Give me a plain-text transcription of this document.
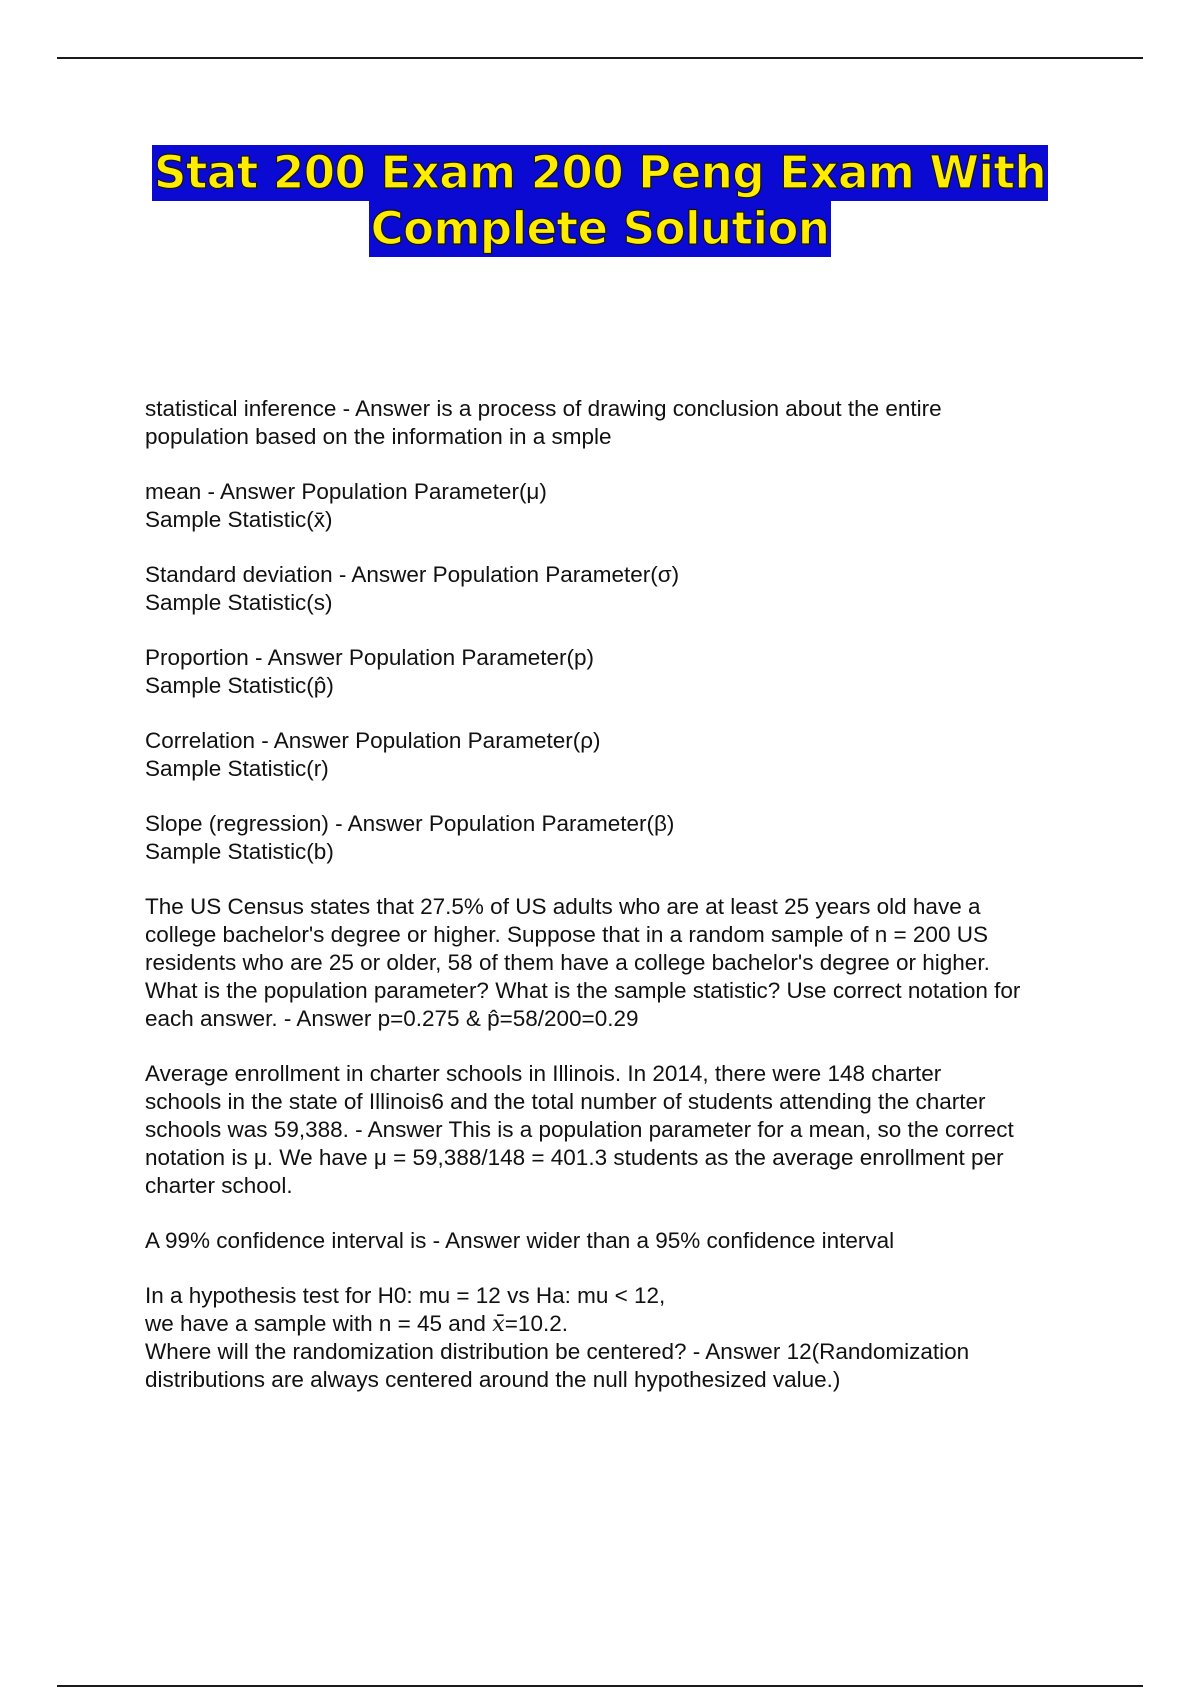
Stat 200 Exam 200 Peng Exam With
Complete Solution
statistical inference - Answer is a process of drawing conclusion about the entire
population based on the information in a smple
mean - Answer Population Parameter(μ)
Sample Statistic(x̄)
Standard deviation - Answer Population Parameter(σ)
Sample Statistic(s)
Proportion - Answer Population Parameter(p)
Sample Statistic(p̂)
Correlation - Answer Population Parameter(ρ)
Sample Statistic(r)
Slope (regression) - Answer Population Parameter(β)
Sample Statistic(b)
The US Census states that 27.5% of US adults who are at least 25 years old have a
college bachelor's degree or higher. Suppose that in a random sample of n = 200 US
residents who are 25 or older, 58 of them have a college bachelor's degree or higher.
What is the population parameter? What is the sample statistic? Use correct notation for
each answer. - Answer p=0.275 & p̂=58/200=0.29
Average enrollment in charter schools in Illinois. In 2014, there were 148 charter
schools in the state of Illinois6 and the total number of students attending the charter
schools was 59,388. - Answer This is a population parameter for a mean, so the correct
notation is μ. We have μ = 59,388/148 = 401.3 students as the average enrollment per
charter school.
A 99% confidence interval is - Answer wider than a 95% confidence interval
In a hypothesis test for H0: mu = 12 vs Ha: mu < 12,
we have a sample with n = 45 and x̄=10.2.
Where will the randomization distribution be centered? - Answer 12(Randomization
distributions are always centered around the null hypothesized value.)
